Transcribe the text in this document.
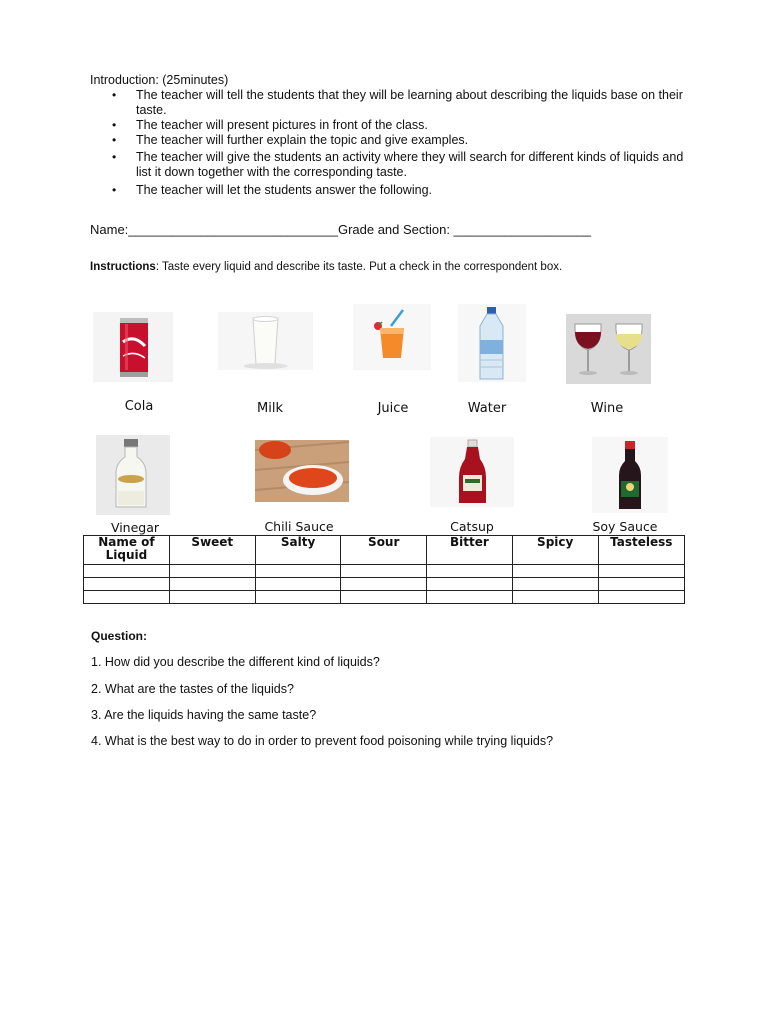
Introduction: (25minutes)
• The teacher will tell the students that they will be learning about describing the liquids base on their taste.
• The teacher will present pictures in front of the class.
• The teacher will further explain the topic and give examples.
• The teacher will give the students an activity where they will search for different kinds of liquids and list it down together with the corresponding taste.
• The teacher will let the students answer the following.
Name:_____________________________Grade and Section: ___________________
Instructions: Taste every liquid and describe its taste. Put a check in the correspondent box.
Cola	Milk	Juice	Water	Wine
Vinegar	Chili Sauce	Catsup	Soy Sauce
Name of Liquid	Sweet	Salty	Sour	Bitter	Spicy	Tasteless

Question:
1. How did you describe the different kind of liquids?
2. What are the tastes of the liquids?
3. Are the liquids having the same taste?
4. What is the best way to do in order to prevent food poisoning while trying liquids?
